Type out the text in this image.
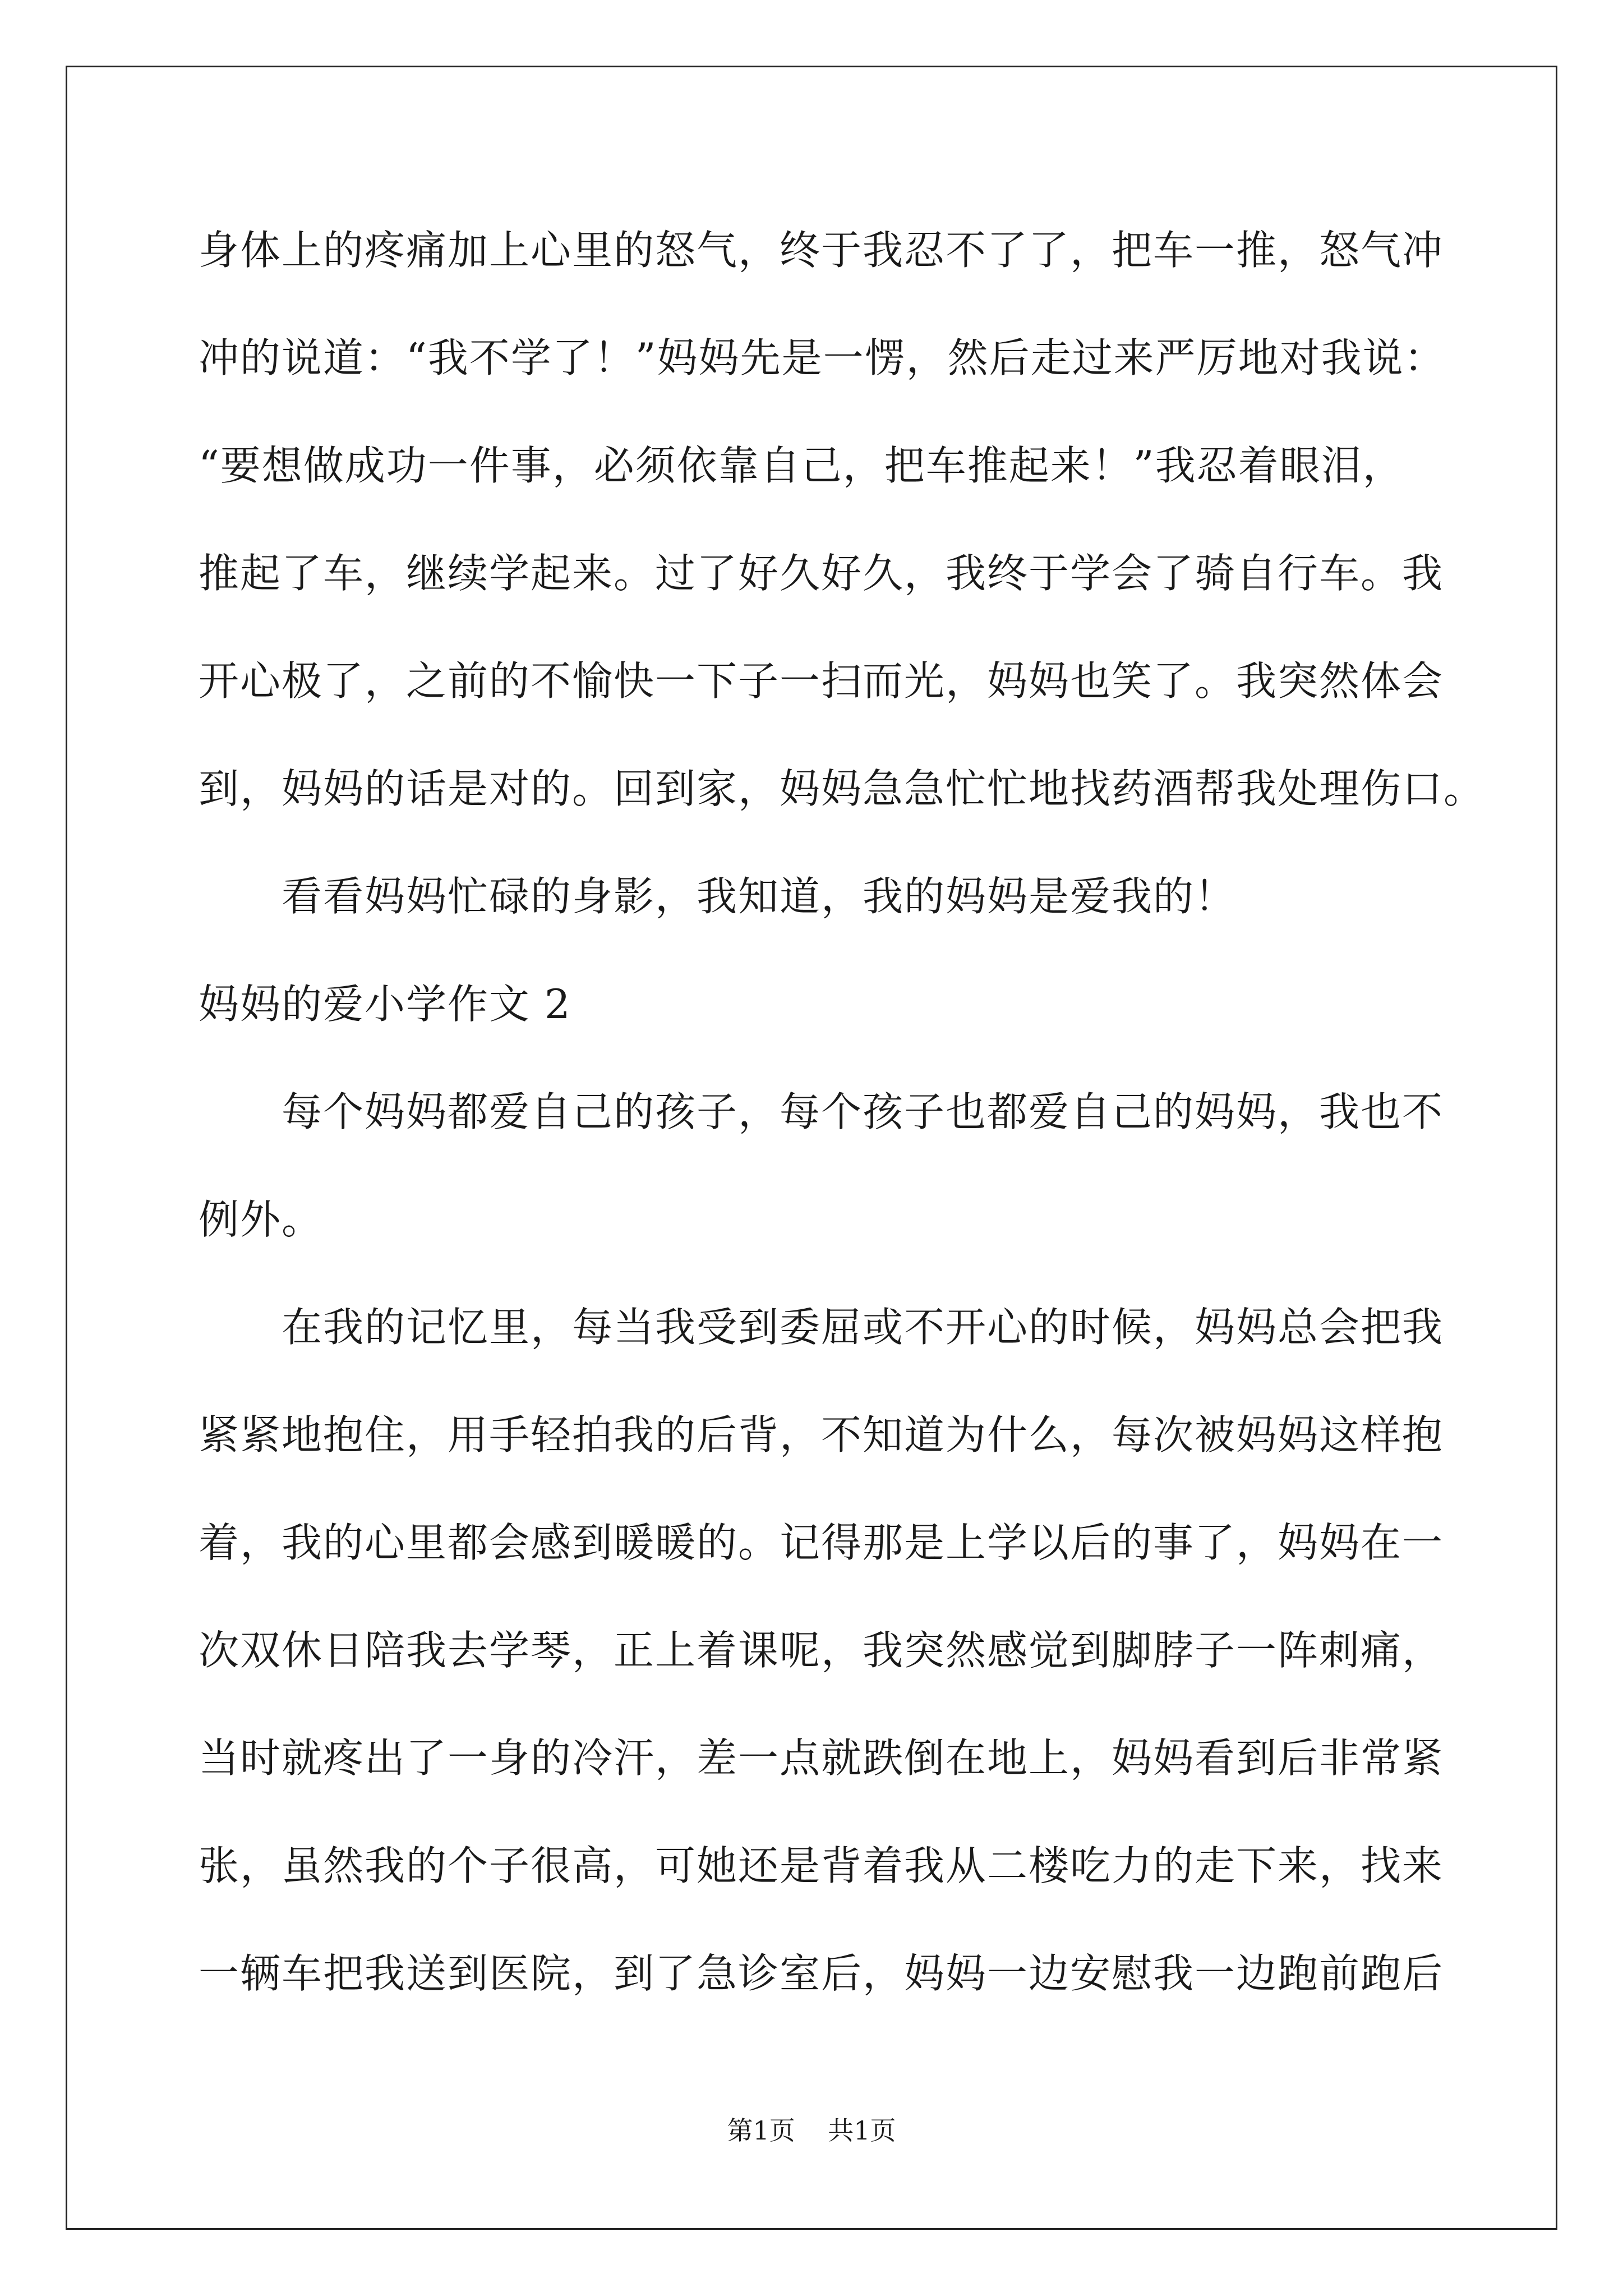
身体上的疼痛加上心里的怒气，终于我忍不了了，把车一推，怒气冲
冲的说道：“我不学了！”妈妈先是一愣，然后走过来严厉地对我说：
“要想做成功一件事，必须依靠自己，把车推起来！”我忍着眼泪，
推起了车，继续学起来。过了好久好久，我终于学会了骑自行车。我
开心极了，之前的不愉快一下子一扫而光，妈妈也笑了。我突然体会
到，妈妈的话是对的。回到家，妈妈急急忙忙地找药酒帮我处理伤口。
看看妈妈忙碌的身影，我知道，我的妈妈是爱我的！
妈妈的爱小学作文 2
每个妈妈都爱自己的孩子，每个孩子也都爱自己的妈妈，我也不
例外。
在我的记忆里，每当我受到委屈或不开心的时候，妈妈总会把我
紧紧地抱住，用手轻拍我的后背，不知道为什么，每次被妈妈这样抱
着，我的心里都会感到暖暖的。记得那是上学以后的事了，妈妈在一
次双休日陪我去学琴，正上着课呢，我突然感觉到脚脖子一阵刺痛，
当时就疼出了一身的冷汗，差一点就跌倒在地上，妈妈看到后非常紧
张，虽然我的个子很高，可她还是背着我从二楼吃力的走下来，找来
一辆车把我送到医院，到了急诊室后，妈妈一边安慰我一边跑前跑后
第1页 共1页
